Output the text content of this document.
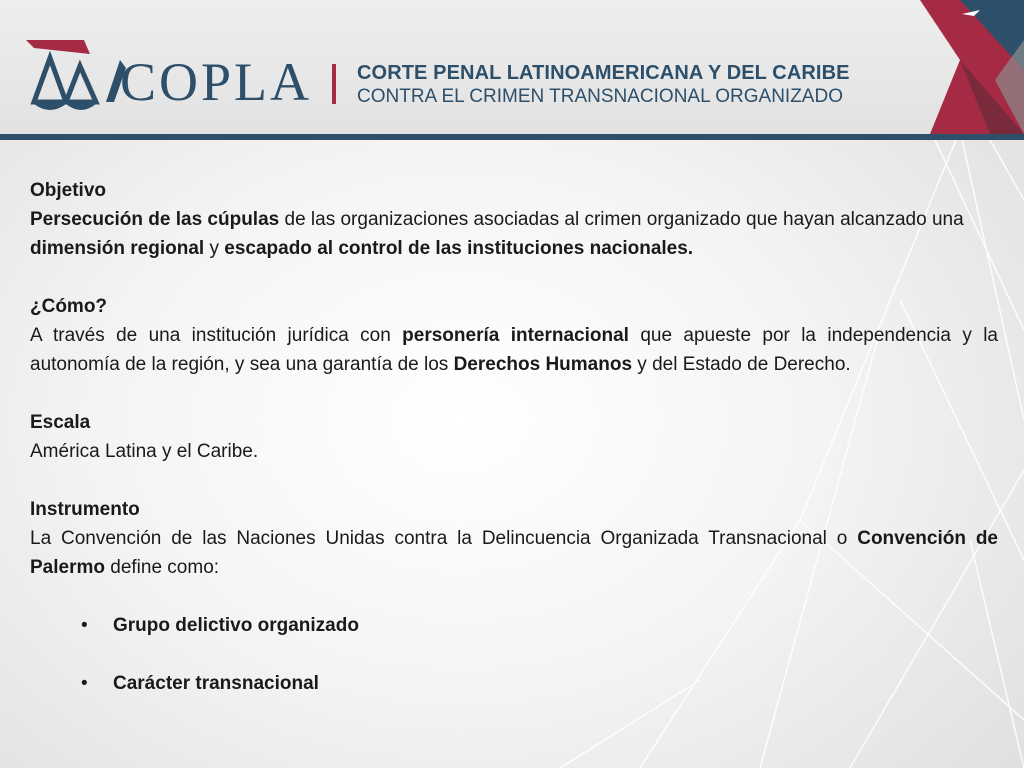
COPLA CORTE PENAL LATINOAMERICANA Y DEL CARIBE
CONTRA EL CRIMEN TRANSNACIONAL ORGANIZADO

Objetivo

Persecución de las cúpulas de las organizaciones asociadas al crimen organizado que hayan alcanzado una dimensión regional y escapado al control de las instituciones nacionales.

¿Cómo?

A través de una institución jurídica con personería internacional que apueste por la independencia y la autonomía de la región, y sea una garantía de los Derechos Humanos y del Estado de Derecho.

Escala

América Latina y el Caribe.

Instrumento

La Convención de las Naciones Unidas contra la Delincuencia Organizada Transnacional o Convención de Palermo define como:

• Grupo delictivo organizado
• Carácter transnacional
